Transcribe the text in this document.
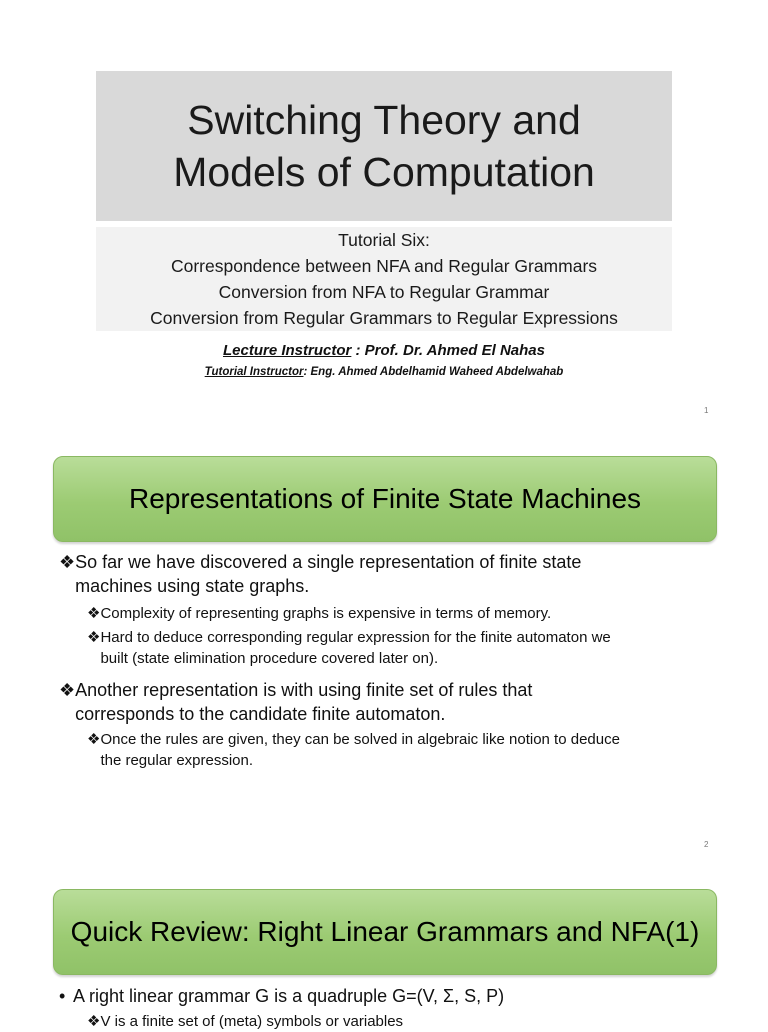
Switching Theory and
Models of Computation
Tutorial Six:
Correspondence between NFA and Regular Grammars
Conversion from NFA to Regular Grammar
Conversion from Regular Grammars to Regular Expressions
Lecture Instructor : Prof. Dr. Ahmed El Nahas
Tutorial Instructor: Eng. Ahmed Abdelhamid Waheed Abdelwahab
1
Representations of Finite State Machines
❖ So far we have discovered a single representation of finite state
machines using state graphs.
❖ Complexity of representing graphs is expensive in terms of memory.
❖ Hard to deduce corresponding regular expression for the finite automaton we
built (state elimination procedure covered later on).
❖ Another representation is with using finite set of rules that
corresponds to the candidate finite automaton.
❖ Once the rules are given, they can be solved in algebraic like notion to deduce
the regular expression.
2
Quick Review: Right Linear Grammars and NFA(1)
• A right linear grammar G is a quadruple G=(V, Σ, S, P)
❖ V is a finite set of (meta) symbols or variables
